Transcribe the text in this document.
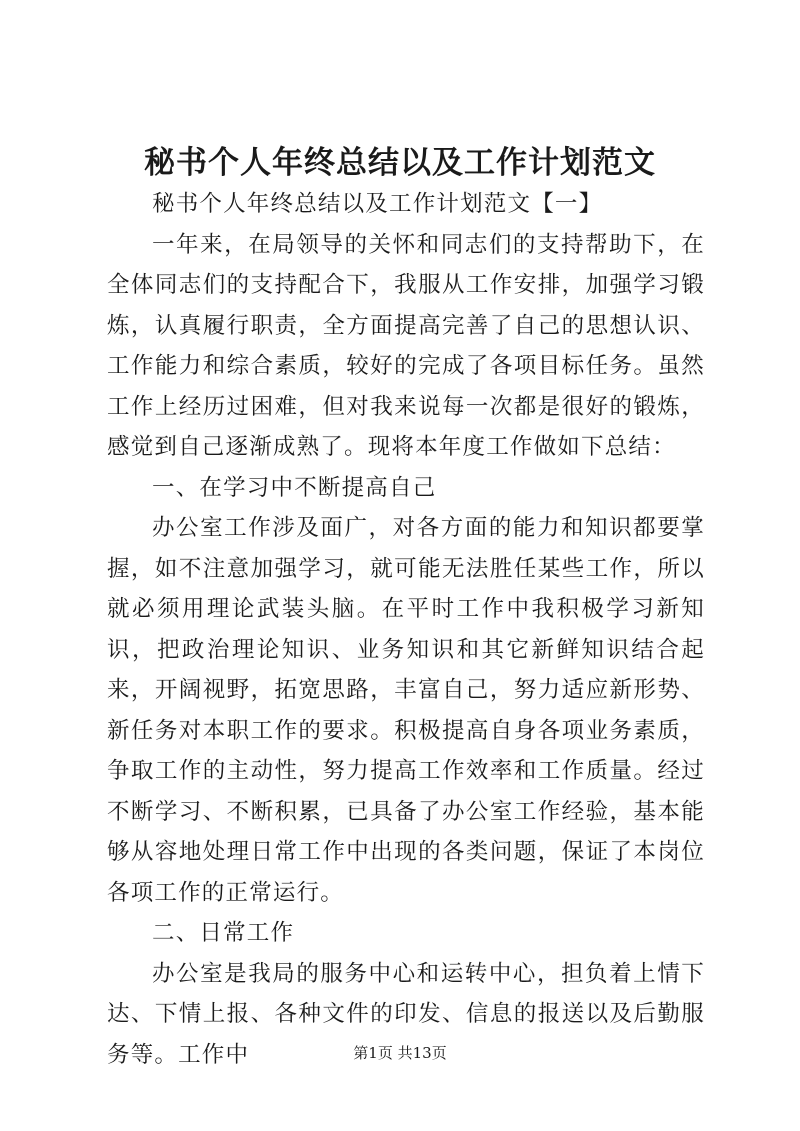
秘书个人年终总结以及工作计划范文

秘书个人年终总结以及工作计划范文【一】

一年来，在局领导的关怀和同志们的支持帮助下，在全体同志们的支持配合下，我服从工作安排，加强学习锻炼，认真履行职责，全方面提高完善了自己的思想认识、工作能力和综合素质，较好的完成了各项目标任务。虽然工作上经历过困难，但对我来说每一次都是很好的锻炼，感觉到自己逐渐成熟了。现将本年度工作做如下总结：

一、在学习中不断提高自己

办公室工作涉及面广，对各方面的能力和知识都要掌握，如不注意加强学习，就可能无法胜任某些工作，所以就必须用理论武装头脑。在平时工作中我积极学习新知识，把政治理论知识、业务知识和其它新鲜知识结合起来，开阔视野，拓宽思路，丰富自己，努力适应新形势、新任务对本职工作的要求。积极提高自身各项业务素质，争取工作的主动性，努力提高工作效率和工作质量。经过不断学习、不断积累，已具备了办公室工作经验，基本能够从容地处理日常工作中出现的各类问题，保证了本岗位各项工作的正常运行。

二、日常工作

办公室是我局的服务中心和运转中心，担负着上情下达、下情上报、各种文件的印发、信息的报送以及后勤服务等。工作中	第1页 共13页
